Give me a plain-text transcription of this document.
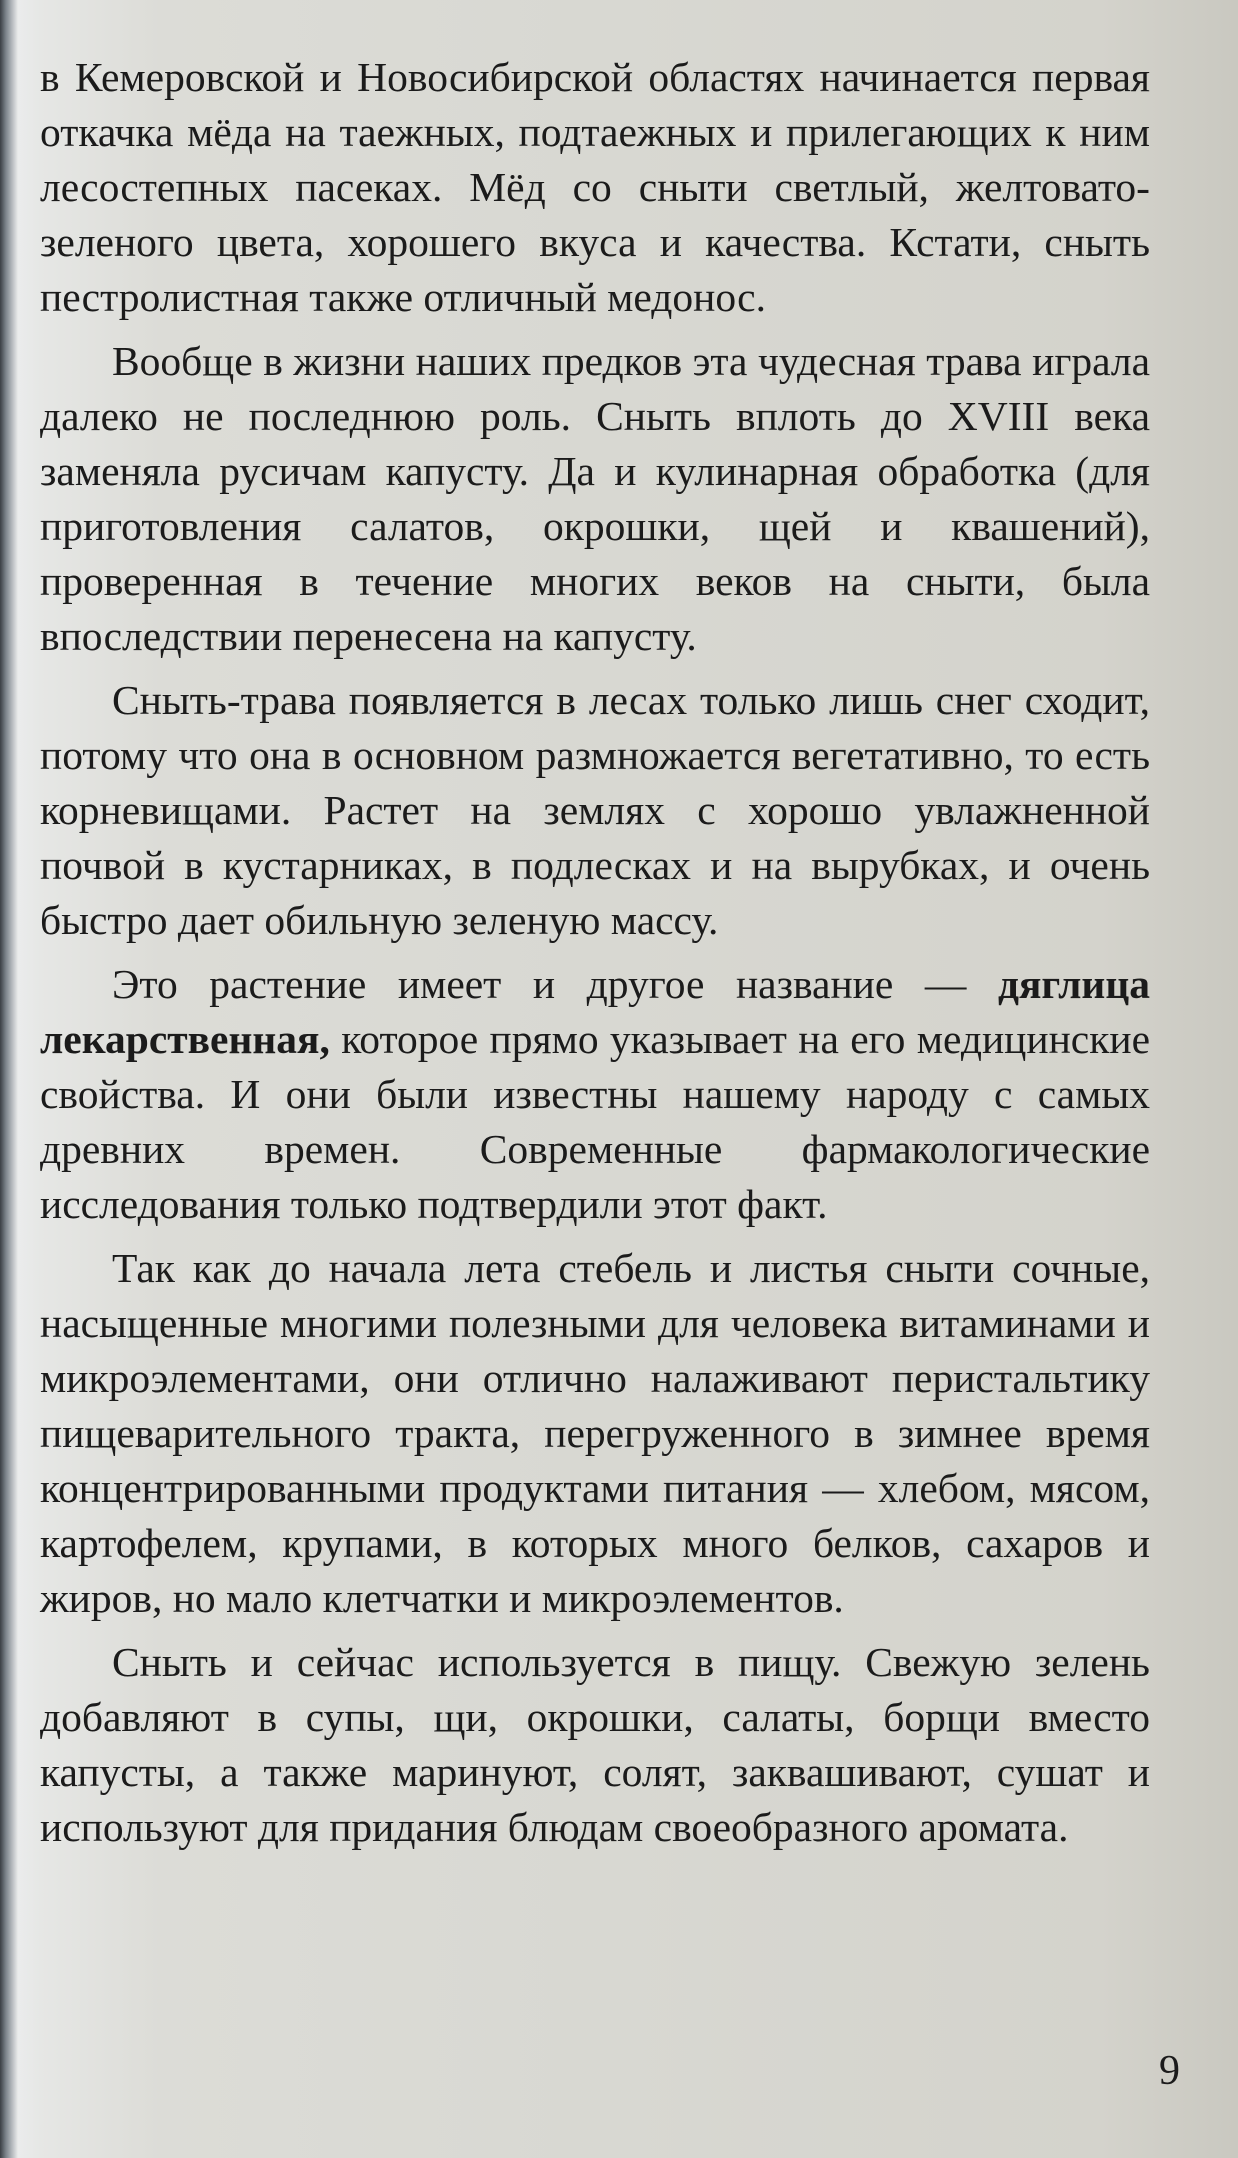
в Кемеровской и Новосибирской областях начинается первая откачка мёда на таежных, подтаежных и прилегающих к ним лесостепных пасеках. Мёд со сныти светлый, желтовато-зеленого цвета, хорошего вкуса и качества. Кстати, сныть пестролистная также отличный медонос.

Вообще в жизни наших предков эта чудесная трава играла далеко не последнюю роль. Сныть вплоть до XVIII века заменяла русичам капусту. Да и кулинарная обработка (для приготовления салатов, окрошки, щей и квашений), проверенная в течение многих веков на сныти, была впоследствии перенесена на капусту.

Сныть-трава появляется в лесах только лишь снег сходит, потому что она в основном размножается вегетативно, то есть корневищами. Растет на землях с хорошо увлажненной почвой в кустарниках, в подлесках и на вырубках, и очень быстро дает обильную зеленую массу.

Это растение имеет и другое название — дяглица лекарственная, которое прямо указывает на его медицинские свойства. И они были известны нашему народу с самых древних времен. Современные фармакологические исследования только подтвердили этот факт.

Так как до начала лета стебель и листья сныти сочные, насыщенные многими полезными для человека витаминами и микроэлементами, они отлично налаживают перистальтику пищеварительного тракта, перегруженного в зимнее время концентрированными продуктами питания — хлебом, мясом, картофелем, крупами, в которых много белков, сахаров и жиров, но мало клетчатки и микроэлементов.

Сныть и сейчас используется в пищу. Свежую зелень добавляют в супы, щи, окрошки, салаты, борщи вместо капусты, а также маринуют, солят, заквашивают, сушат и используют для придания блюдам своеобразного аромата.

9
